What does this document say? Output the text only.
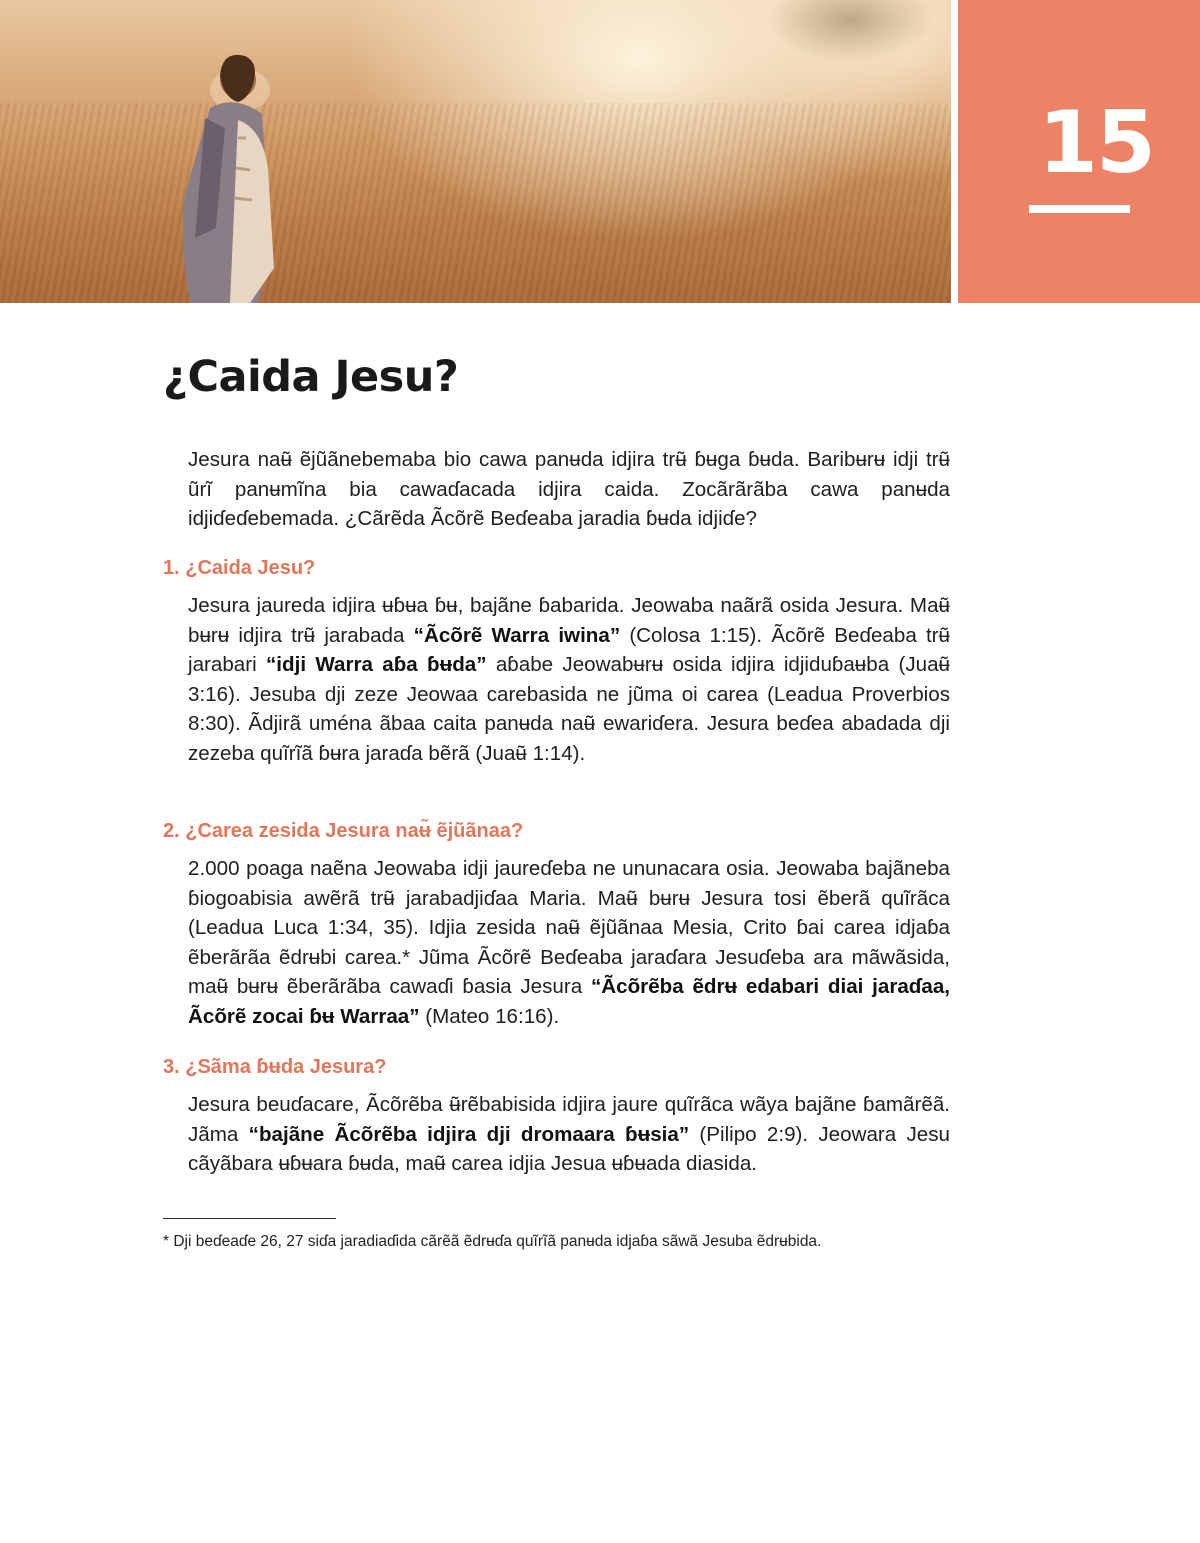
15
¿Caida Jesu?

Jesura naʉ̃ ẽjũãnebemaba bio cawa panʉda idjira trʉ̃ ɓʉga ɓʉda. Baribʉrʉ idji trʉ̃ ũrĩ panʉmĩna bia cawaɗacada idjira caida. Zocãrãrãba cawa panʉda idjiɗeɗebemada. ¿Cãrẽda Ãcõrẽ Beɗeaba jaradia ɓʉda idjiɗe?

1. ¿Caida Jesu?

Jesura jaureda idjira ʉɓʉa ɓʉ, bajãne ɓabarida. Jeowaba naãrã osida Jesura. Maʉ̃ bʉrʉ idjira trʉ̃ jarabada “Ãcõrẽ Warra iwina” (Colosa 1:15). Ãcõrẽ Beɗeaba trʉ̃ jarabari “idji Warra aɓa ɓʉda” aɓabe Jeowabʉrʉ osida idjira idjiduɓaʉba (Juaʉ̃ 3:16). Jesuba dji zeze Jeowaa carebasida ne jũma oi carea (Leadua Proverbios 8:30). Ãdjirã uména ãbaa caita panʉda naʉ̃ ewariɗera. Jesura beɗea abadada dji zezeba quĩrĩã ɓʉra jaraɗa bẽrã (Juaʉ̃ 1:14).

2. ¿Carea zesida Jesura naʉ̃ ẽjũãnaa?

2.000 poaga naẽna Jeowaba idji jaureɗeba ne ununacara osia. Jeowaba bajãneba ɓiogoabisia awẽrã trʉ̃ jarabadjiɗaa Maria. Maʉ̃ bʉrʉ Jesura tosi ẽberã quĩrãca (Leadua Luca 1:34, 35). Idjia zesida naʉ̃ ẽjũãnaa Mesia, Crito ɓai carea idjaɓa ẽberãrãa ẽdrʉbi carea.* Jũma Ãcõrẽ Beɗeaba jaraɗara Jesuɗeba ara mãwãsida, maʉ̃ bʉrʉ ẽberãrãba cawaɗi ɓasia Jesura “Ãcõrẽba ẽdrʉ edabari diai jaraɗaa, Ãcõrẽ zocai ɓʉ Warraa” (Mateo 16:16).

3. ¿Sãma ɓʉda Jesura?

Jesura beuɗacare, Ãcõrẽba ʉ̃rẽbabisida idjira jaure quĩrãca wãya bajãne ɓamãrẽã. Jãma “bajãne Ãcõrẽba idjira dji dromaara ɓʉsia” (Pilipo 2:9). Jeowara Jesu cãyãbara ʉɓʉara ɓʉda, maʉ̃ carea idjia Jesua ʉɓʉada diasida.

* Dji beɗeaɗe 26, 27 siɗa jaradiaɗida cãrẽã ẽdrʉɗa quĩrĩã panʉda idjaɓa sãwã Jesuba ẽdrʉbida.
